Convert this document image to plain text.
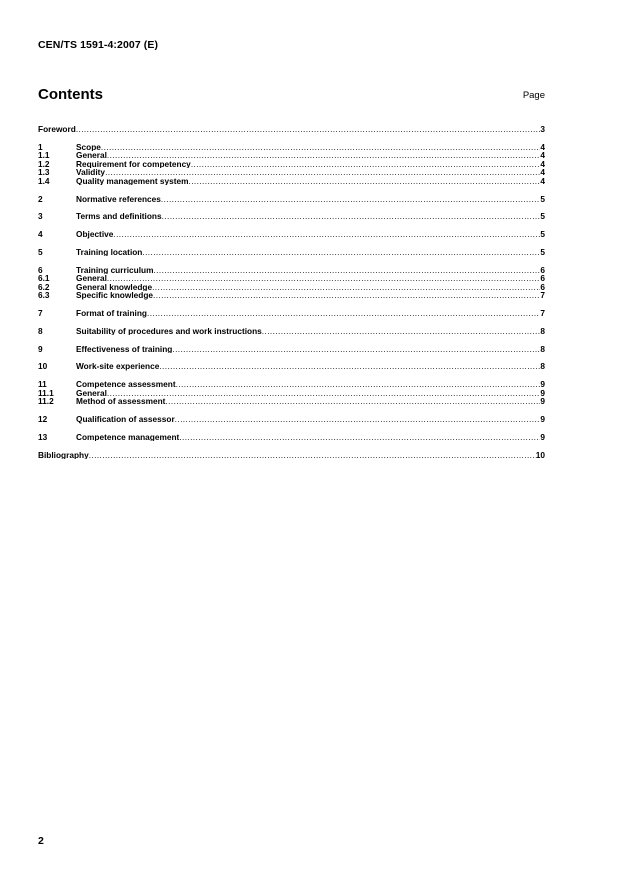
CEN/TS 1591-4:2007 (E)
Contents	Page
Foreword .....	3
1	Scope .....	4
1.1	General .....	4
1.2	Requirement for competency .....	4
1.3	Validity .....	4
1.4	Quality management system .....	4
2	Normative references .....	5
3	Terms and definitions .....	5
4	Objective .....	5
5	Training location .....	5
6	Training curriculum .....	6
6.1	General .....	6
6.2	General knowledge .....	6
6.3	Specific knowledge .....	7
7	Format of training .....	7
8	Suitability of procedures and work instructions .....	8
9	Effectiveness of training .....	8
10	Work-site experience .....	8
11	Competence assessment .....	9
11.1	General .....	9
11.2	Method of assessment .....	9
12	Qualification of assessor .....	9
13	Competence management .....	9
Bibliography .....	10
2
